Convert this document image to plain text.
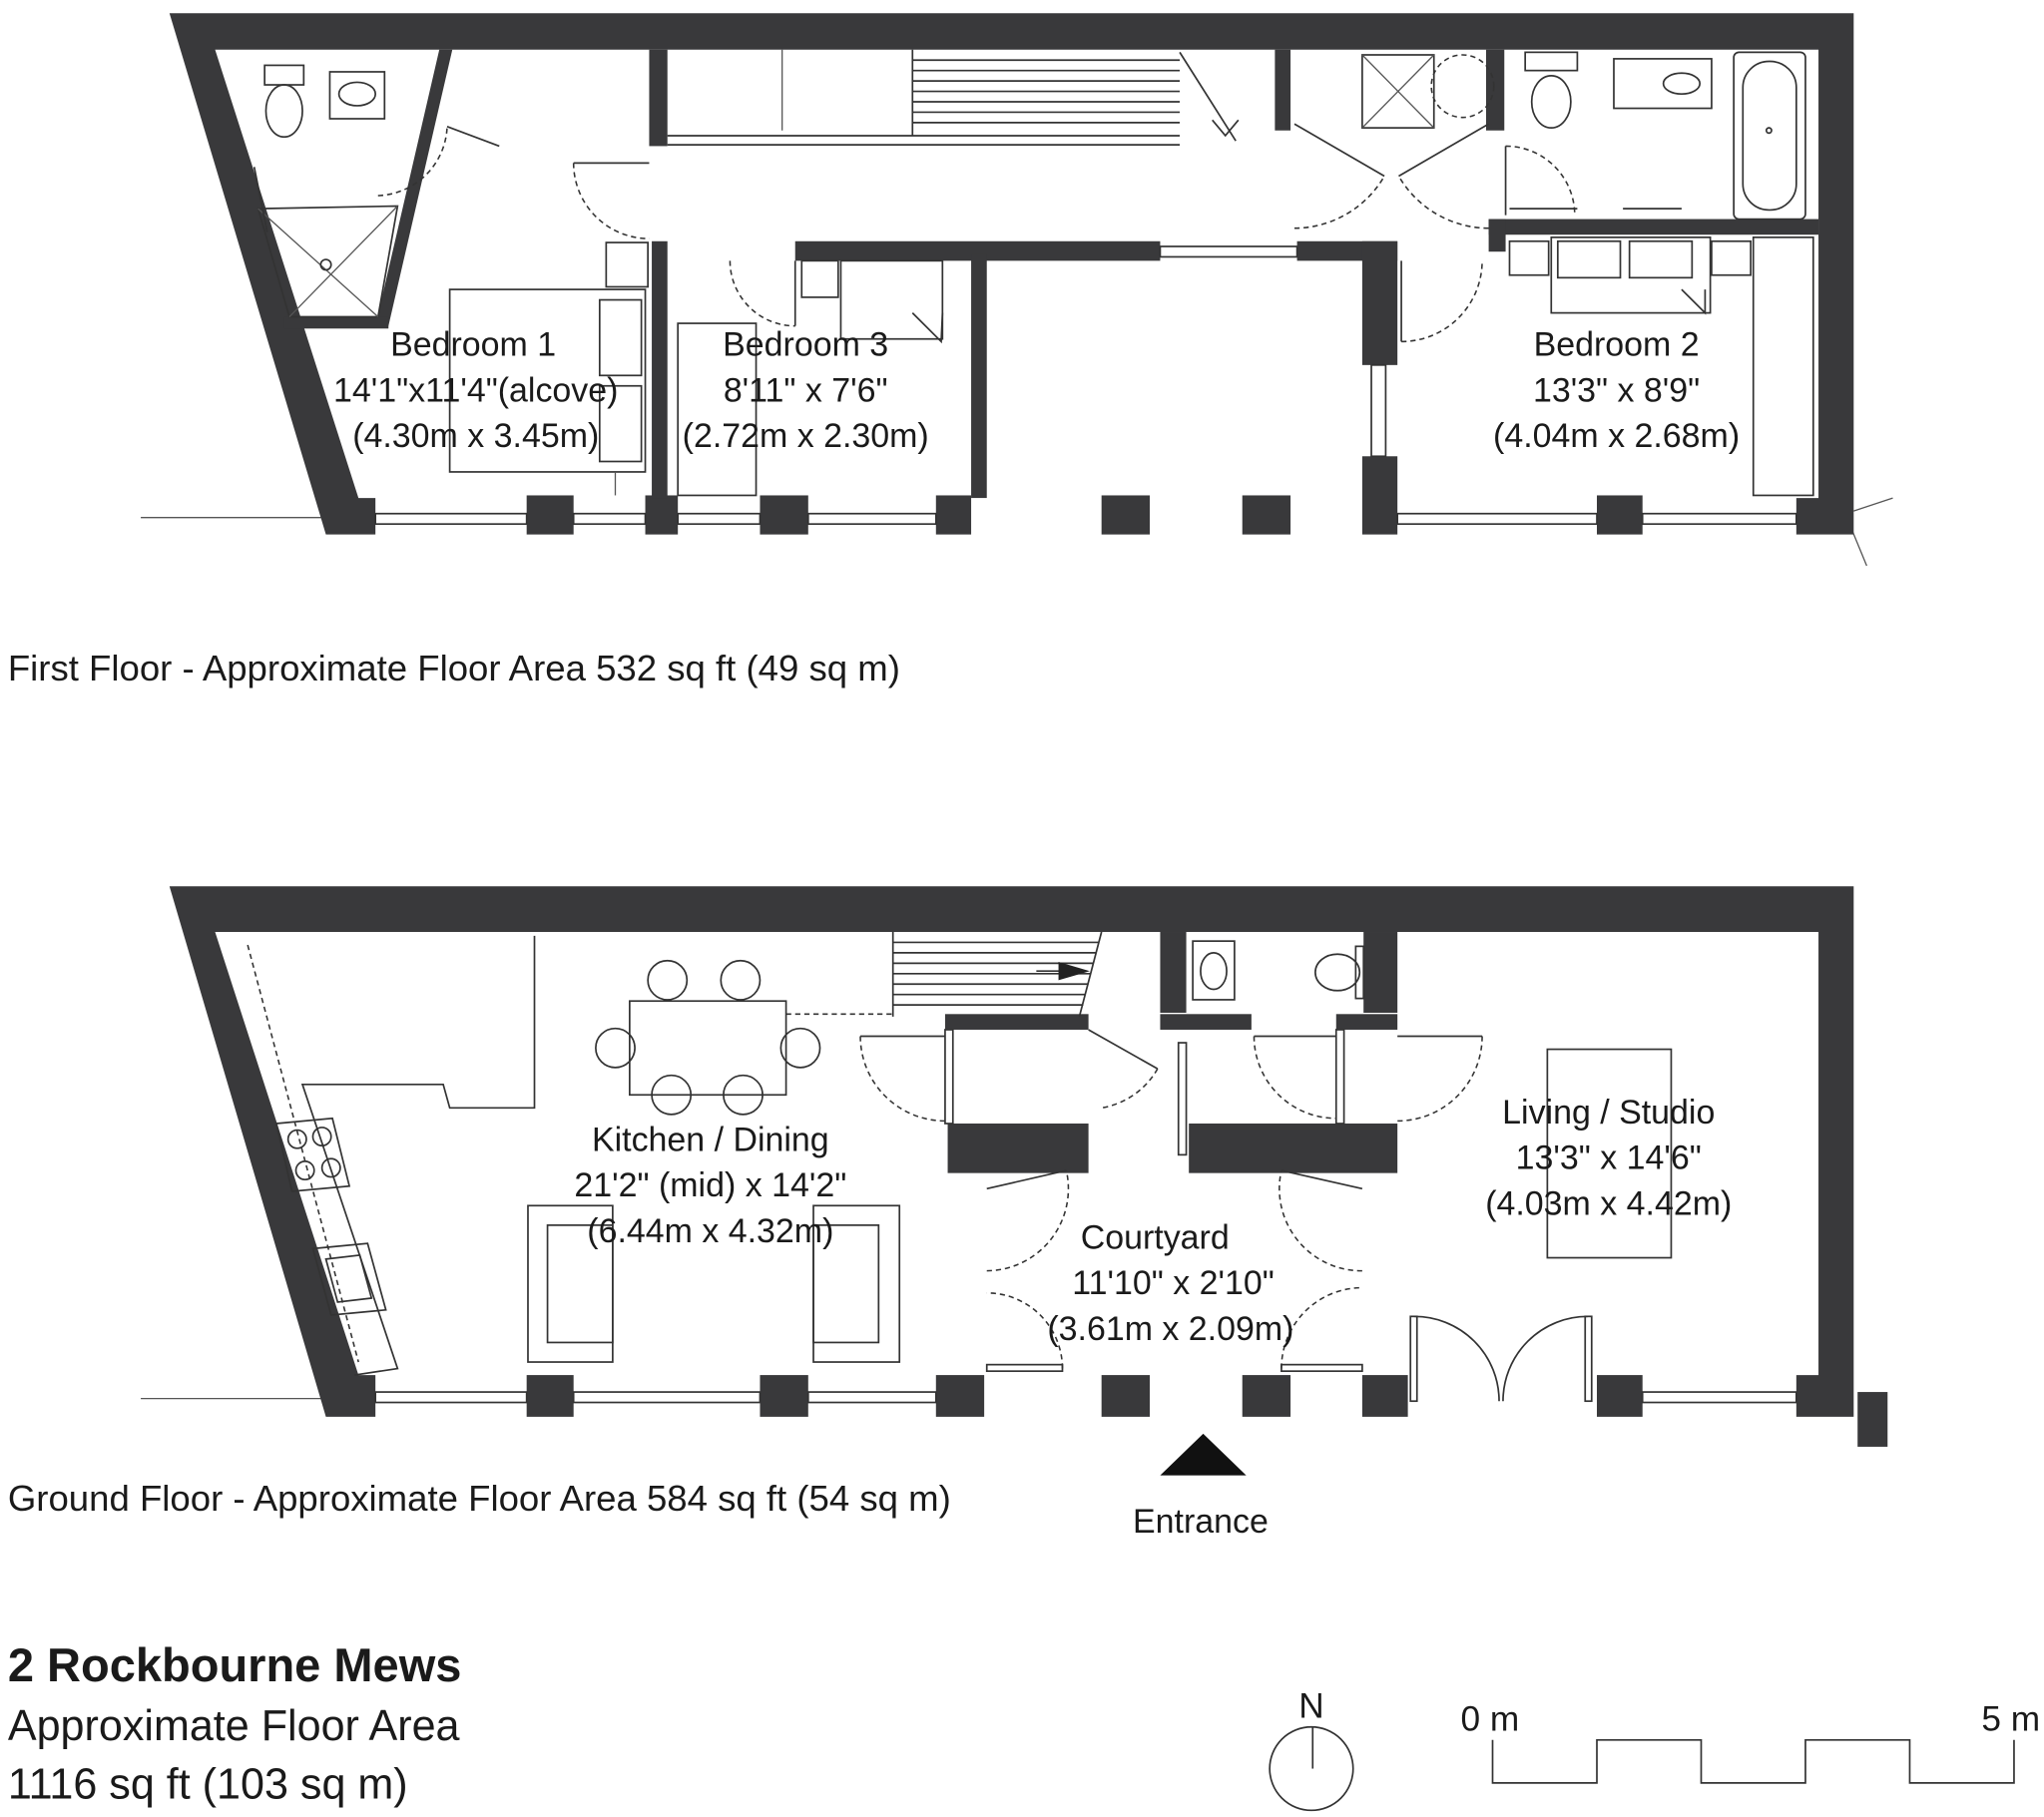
Bedroom 1
14'1"x11'4"(alcove)
(4.30m x 3.45m)
Bedroom 3
8'11" x 7'6"
(2.72m x 2.30m)
Bedroom 2
13'3" x 8'9"
(4.04m x 2.68m)
First Floor - Approximate Floor Area 532 sq ft (49 sq m)
Kitchen / Dining
21'2" (mid) x 14'2"
(6.44m x 4.32m)	Courtyard
11'10" x 2'10"
(3.61m x 2.09m)
Living / Studio
13'3" x 14'6"
(4.03m x 4.42m)
Entrance
Ground Floor - Approximate Floor Area 584 sq ft (54 sq m)
2 Rockbourne Mews
Approximate Floor Area
1116 sq ft (103 sq m)
N	0 m	5 m
